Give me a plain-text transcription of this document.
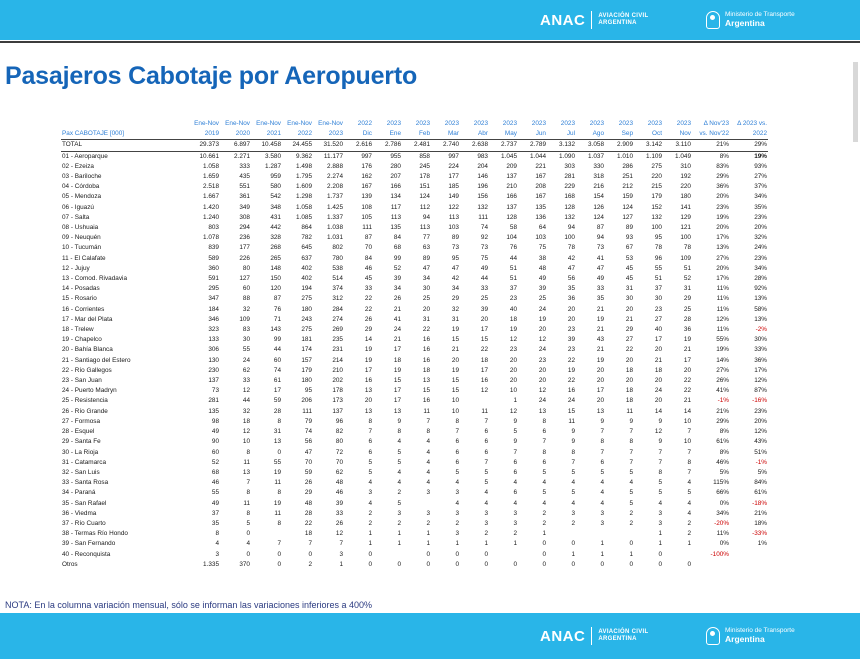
ANAC AVIACIÓN CIVIL
ARGENTINA
Ministerio de Transporte
Argentina
Pasajeros Cabotaje por Aeropuerto
	Ene-Nov	Ene-Nov	Ene-Nov	Ene-Nov	Ene-Nov	2022	2023	2023	2023	2023	2023	2023	2023	2023	2023	2023	2023	Δ Nov'23	Δ 2023 vs.
Pax CABOTAJE [000]	2019	2020	2021	2022	2023	Dic	Ene	Feb	Mar	Abr	May	Jun	Jul	Ago	Sep	Oct	Nov	vs. Nov'22	2022
TOTAL	29.373	6.897	10.458	24.455	31.520	2.616	2.786	2.481	2.740	2.638	2.737	2.789	3.132	3.058	2.909	3.142	3.110	21%	29%
01 - Aeroparque	10.661	2.271	3.580	9.362	11.177	997	955	858	997	983	1.045	1.044	1.090	1.037	1.010	1.109	1.049	8%	19%
02 - Ezeiza	1.058	333	1.287	1.498	2.888	176	280	245	224	204	209	221	303	330	286	275	310	83%	93%
03 - Bariloche	1.659	435	959	1.795	2.274	162	207	178	177	146	137	167	281	318	251	220	192	29%	27%
04 - Córdoba	2.518	551	580	1.609	2.208	167	166	151	185	196	210	208	229	216	212	215	220	36%	37%
05 - Mendoza	1.667	361	542	1.298	1.737	139	134	124	149	156	166	167	168	154	159	179	180	20%	34%
06 - Iguazú	1.420	349	348	1.058	1.425	108	117	112	122	132	137	135	128	126	124	152	141	23%	35%
07 - Salta	1.240	308	431	1.085	1.337	105	113	94	113	111	128	136	132	124	127	132	129	19%	23%
08 - Ushuaia	803	294	442	864	1.038	111	135	113	103	74	58	64	94	87	89	100	121	20%	20%
09 - Neuquén	1.078	236	328	782	1.031	87	84	77	89	92	104	103	100	94	93	95	100	17%	32%
10 - Tucumán	839	177	268	645	802	70	68	63	73	73	76	75	78	73	67	78	78	13%	24%
11 - El Calafate	589	226	265	637	780	84	99	89	95	75	44	38	42	41	53	96	109	27%	23%
12 - Jujuy	360	80	148	402	538	46	52	47	47	49	51	48	47	47	45	55	51	20%	34%
13 - Comod. Rivadavia	591	127	150	402	514	45	39	34	42	44	51	49	56	49	45	51	52	17%	28%
14 - Posadas	295	60	120	194	374	33	34	30	34	33	37	39	35	33	31	37	31	11%	92%
15 - Rosario	347	88	87	275	312	22	26	25	29	25	23	25	36	35	30	30	29	11%	13%
16 - Corrientes	184	32	76	180	284	22	21	20	32	39	40	24	20	21	20	23	25	11%	58%
17 - Mar del Plata	346	109	71	243	274	26	41	31	31	20	18	19	20	19	21	27	28	12%	13%
18 - Trelew	323	83	143	275	269	29	24	22	19	17	19	20	23	21	29	40	36	11%	-2%
19 - Chapelco	133	30	99	181	235	14	21	16	15	15	12	12	39	43	27	17	19	55%	30%
20 - Bahía Blanca	306	55	44	174	231	19	17	16	21	22	23	24	23	21	22	20	21	19%	33%
21 - Santiago del Estero	130	24	60	157	214	19	18	16	20	18	20	23	22	19	20	21	17	14%	36%
22 - Río Gallegos	230	62	74	179	210	17	19	18	19	17	20	20	19	20	18	18	20	27%	17%
23 - San Juan	137	33	61	180	202	16	15	13	15	16	20	20	22	20	20	20	22	26%	12%
24 - Puerto Madryn	73	12	17	95	178	13	17	15	15	12	10	12	16	17	18	24	22	41%	87%
25 - Resistencia	281	44	59	206	173	20	17	16	10		1	24	24	20	18	20	21	-1%	-16%
26 - Río Grande	135	32	28	111	137	13	13	11	10	11	12	13	15	13	11	14	14	21%	23%
27 - Formosa	98	18	8	79	96	8	9	7	8	7	9	8	11	9	9	9	10	29%	20%
28 - Esquel	49	12	31	74	82	7	8	8	7	6	5	6	9	7	7	12	7	8%	12%
29 - Santa Fe	90	10	13	56	80	6	4	4	6	6	9	7	9	8	8	9	10	61%	43%
30 - La Rioja	60	8	0	47	72	6	5	4	6	6	7	8	8	7	7	7	7	8%	51%
31 - Catamarca	52	11	55	70	70	5	5	4	6	7	6	6	7	6	7	7	8	46%	-1%
32 - San Luis	68	13	19	59	62	5	4	4	5	5	6	5	5	5	5	8	7	5%	5%
33 - Santa Rosa	46	7	11	26	48	4	4	4	4	5	4	4	4	4	4	5	4	115%	84%
34 - Paraná	55	8	8	29	46	3	2	3	3	4	6	5	5	4	5	5	5	66%	61%
35 - San Rafael	49	11	19	48	39	4	5		4	4	4	4	4	4	5	4	4	0%	-18%
36 - Viedma	37	8	11	28	33	2	3	3	3	3	3	2	3	3	2	3	4	34%	21%
37 - Río Cuarto	35	5	8	22	26	2	2	2	2	3	3	2	2	3	2	3	2	-20%	18%
38 - Termas Río Hondo	8	0		18	12	1	1	1	3	2	2	1				1	2	11%	-33%
39 - San Fernando	4	4	7	7	7	1	1	1	1	1	1	0	0	1	0	1	1	0%	1%
40 - Reconquista	3	0	0	0	3	0		0	0	0		0	1	1	1	0		-100%	
Otros	1.335	370	0	2	1	0	0	0	0	0	0	0	0	0	0	0	0		
NOTA: En la columna variación mensual, sólo se informan las variaciones inferiores a 400%
ANAC AVIACIÓN CIVIL
ARGENTINA
Ministerio de Transporte
Argentina
